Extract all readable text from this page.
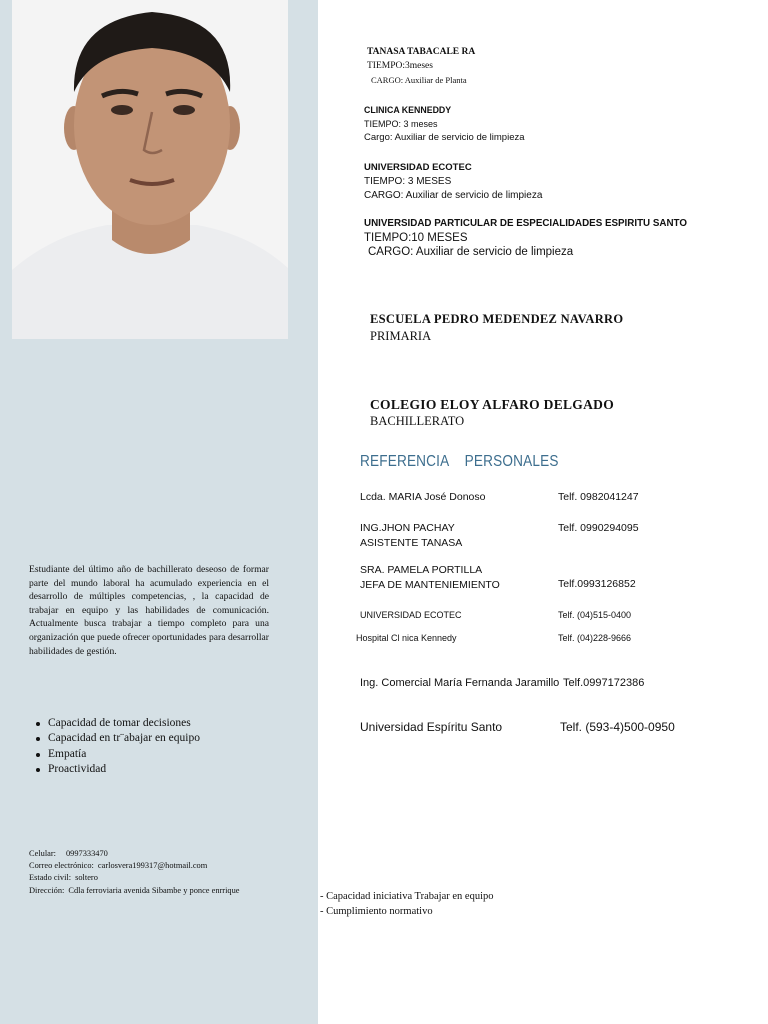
TANASA TABACALE RA
TIEMPO:3meses
CARGO: Auxiliar de Planta
CLINICA KENNEDDY
TIEMPO: 3 meses
Cargo: Auxiliar de servicio de limpieza
UNIVERSIDAD ECOTEC
TIEMPO: 3 MESES
CARGO: Auxiliar de servicio de limpieza
UNIVERSIDAD PARTICULAR DE ESPECIALIDADES ESPIRITU SANTO
TIEMPO:10 MESES
CARGO: Auxiliar de servicio de limpieza
ESCUELA PEDRO MEDENDEZ NAVARRO
PRIMARIA
COLEGIO ELOY ALFARO DELGADO
BACHILLERATO
REFERENCIA PERSONALES
Lcda. MARIA José Donoso	Telf. 0982041247
ING.JHON PACHAY
ASISTENTE TANASA
Telf. 0990294095
SRA. PAMELA PORTILLA
JEFA DE MANTENIEMIENTO	Telf.0993126852
UNIVERSIDAD ECOTEC	Telf. (04)515-0400
Hospital Cl nica Kennedy	Telf. (04)228-9666
Ing. Comercial María Fernanda Jaramillo Telf.0997172386
Universidad Espíritu Santo	Telf. (593-4)500-0950
Estudiante del último año de bachillerato deseoso de formar parte del mundo laboral ha acumulado experiencia en el desarrollo de múltiples competencias, , la capacidad de trabajar en equipo y las habilidades de comunicación. Actualmente busca trabajar a tiempo completo para una organización que puede ofrecer oportunidades para desarrollar habilidades de gestión.
Capacidad de tomar decisiones
Capacidad en tr¨abajar en equipo
Empatía
Proactividad
Celular: 0997333470
Correo electrónico: carlosvera199317@hotmail.com
Estado civil: soltero
Dirección: Cdla ferroviaria avenida Sibambe y ponce enrrique
- Capacidad iniciativa Trabajar en equipo
- Cumplimiento normativo
